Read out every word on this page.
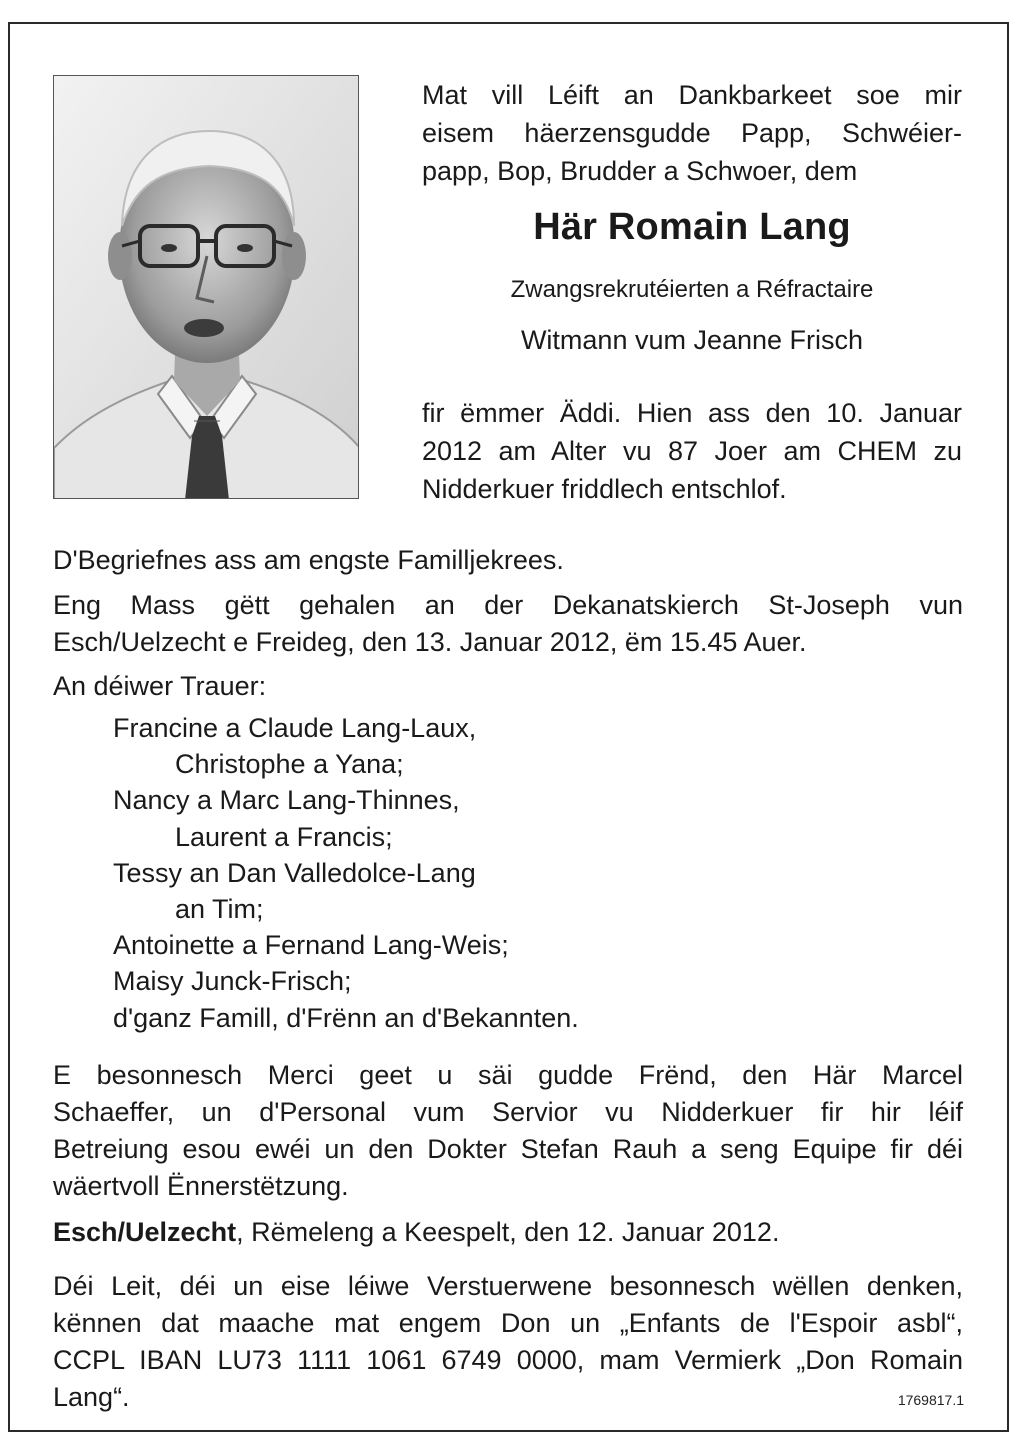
Mat vill Léift an Dankbarkeet soe mir
eisem häerzensgudde Papp, Schwéier-
papp, Bop, Brudder a Schwoer, dem

Här Romain Lang

Zwangsrekrutéierten a Réfractaire

Witmann vum Jeanne Frisch

fir ëmmer Äddi. Hien ass den 10. Januar
2012 am Alter vu 87 Joer am CHEM zu
Nidderkuer friddlech entschlof.

D'Begriefnes ass am engste Familljekrees.

Eng Mass gëtt gehalen an der Dekanatskierch St-Joseph vun
Esch/Uelzecht e Freideg, den 13. Januar 2012, ëm 15.45 Auer.

An déiwer Trauer:

Francine a Claude Lang-Laux,
Christophe a Yana;
Nancy a Marc Lang-Thinnes,
Laurent a Francis;
Tessy an Dan Valledolce-Lang
an Tim;
Antoinette a Fernand Lang-Weis;
Maisy Junck-Frisch;
d'ganz Famill, d'Frënn an d'Bekannten.

E besonnesch Merci geet u säi gudde Frënd, den Här Marcel
Schaeffer, un d'Personal vum Servior vu Nidderkuer fir hir léif
Betreiung esou ewéi un den Dokter Stefan Rauh a seng Equipe fir déi
wäertvoll Ënnerstëtzung.

Esch/Uelzecht, Rëmeleng a Keespelt, den 12. Januar 2012.

Déi Leit, déi un eise léiwe Verstuerwene besonnesch wëllen denken,
kënnen dat maache mat engem Don un „Enfants de l'Espoir asbl“,
CCPL IBAN LU73 1111 1061 6749 0000, mam Vermierk „Don Romain
Lang“.	1769817.1
